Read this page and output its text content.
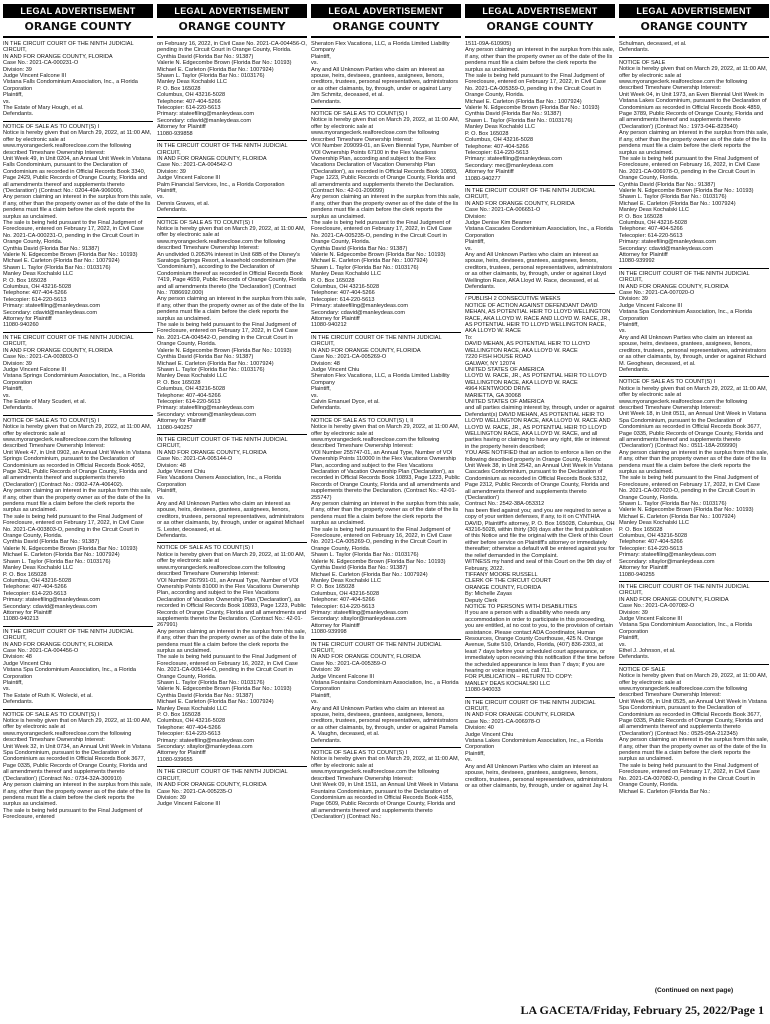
LEGAL ADVERTISEMENT
ORANGE COUNTY
IN THE CIRCUIT COURT OF THE NINTH JUDICIAL CIRCUIT,
IN AND FOR ORANGE COUNTY, FLORIDA
Case No.: 2021-CA-000231-O
Division: 39
Judge Vincent Falcone III
Vistana Falls Condominium Association, Inc., a Florida Corporation
Plaintiff,
vs.
The Estate of Mary Hough, et al.
Defendants.
NOTICE OF SALE AS TO COUNT(S) I
Notice is hereby given that on March 29, 2022, at 11:00 AM, offer by electronic sale at www.myorangeclerk.realforeclose.com the following described Timeshare Ownership Interest:
Unit Week 49, in Unit 0204, an Annual Unit Week in Vistana Falls Condominium, pursuant to the Declaration of Condominium as recorded in Official Records Book 3340, Page 2429, Public Records of Orange County, Florida and all amendments thereof and supplements thereto ('Declaration') (Contract No.: 0204-49A-906000).
Any person claiming an interest in the surplus from this sale, if any, other than the property owner as of the date of the lis pendens must file a claim before the clerk reports the surplus as unclaimed.
The sale is being held pursuant to the Final Judgment of Foreclosure, entered on February 17, 2022, in Civil Case No. 2021-CA-000231-O, pending in the Circuit Court in Orange County, Florida.
Cynthia David (Florida Bar No.: 91387)
Valerie N. Edgecombe Brown (Florida Bar No.: 10193)
Michael E. Carleton (Florida Bar No.: 1007924)
Shawn L. Taylor (Florida Bar No.: 0103176)
Manley Deas Kochalski LLC
P. O. Box 165028
Columbus, OH 43216-5028
Telephone: 407-404-5266
Telecopier: 614-220-5613
Primary: stateefiling@manleydeas.com
Secondary: cdavid@manleydeas.com
Attorney for Plaintiff
11080-940260
IN THE CIRCUIT COURT OF THE NINTH JUDICIAL CIRCUIT,
IN AND FOR ORANGE COUNTY, FLORIDA
Case No.: 2021-CA-003803-O
Division: 39
Judge Vincent Falcone III
Vistana Springs Condominium Association, Inc., a Florida Corporation
Plaintiff,
vs.
The Estate of Mary Scuderi, et al.
Defendants.
NOTICE OF SALE AS TO COUNT(S) I
Notice is hereby given that on March 29, 2022, at 11:00 AM, offer by electronic sale at www.myorangeclerk.realforeclose.com the following described Timeshare Ownership Interest:
Unit Week 47, in Unit 0902, an Annual Unit Week in Vistana Springs Condominium, pursuant to the Declaration of Condominium as recorded in Official Records Book 4052, Page 3241, Public Records of Orange County, Florida and all amendments thereof and supplements thereto ('Declaration') (Contract No.: 0902-47A-406402).
Any person claiming an interest in the surplus from this sale, if any, other than the property owner as of the date of the lis pendens must file a claim before the clerk reports the surplus as unclaimed.
The sale is being held pursuant to the Final Judgment of Foreclosure, entered on February 17, 2022, in Civil Case No. 2021-CA-003803-O, pending in the Circuit Court in Orange County, Florida.
Cynthia David (Florida Bar No.: 91387)
Valerie N. Edgecombe Brown (Florida Bar No.: 10193)
Michael E. Carleton (Florida Bar No.: 1007924)
Shawn L. Taylor (Florida Bar No.: 0103176)
Manley Deas Kochalski LLC
P. O. Box 165028
Columbus, OH 43216-5028
Telephone: 407-404-5266
Telecopier: 614-220-5613
Primary: stateefiling@manleydeas.com
Secondary: cdavid@manleydeas.com
Attorney for Plaintiff
11080-940213
IN THE CIRCUIT COURT OF THE NINTH JUDICIAL CIRCUIT,
IN AND FOR ORANGE COUNTY, FLORIDA
Case No.: 2021-CA-004456-O
Division: 48
Judge Vincent Chiu
Vistana Spa Condominium Association, Inc., a Florida Corporation
Plaintiff,
vs.
The Estate of Ruth K. Wolecki, et al.
Defendants.
NOTICE OF SALE AS TO COUNT(S) I
Notice is hereby given that on March 29, 2022, at 11:00 AM, offer by electronic sale at www.myorangeclerk.realforeclose.com the following described Timeshare Ownership Interest:
Unit Week 32, in Unit 0734, an Annual Unit Week in Vistana Spa Condominium, pursuant to the Declaration of Condominium as recorded in Official Records Book 3677, Page 0335, Public Records of Orange County, Florida and all amendments thereof and supplements thereto ('Declaration') (Contract No.: 0734-32A-300910)
Any person claiming an interest in the surplus from this sale, if any, other than the property owner as of the date of the lis pendens must file a claim before the clerk reports the surplus as unclaimed.
The sale is being held pursuant to the Final Judgment of Foreclosure, entered
LEGAL ADVERTISEMENT
ORANGE COUNTY
on February 16, 2022, in Civil Case No. 2021-CA-004456-O, pending in the Circuit Court in Orange County, Florida.
Cynthia David (Florida Bar No.: 91387)
Valerie N. Edgecombe Brown (Florida Bar No.: 10193)
Michael E. Carleton (Florida Bar No.: 1007924)
Shawn L. Taylor (Florida Bar No.: 0103176)
Manley Deas Kochalski LLC
P. O. Box 165028
Columbus, OH 43216-5028
Telephone: 407-404-5266
Telecopier: 614-220-5613
Primary: stateefiling@manleydeas.com
Secondary: cdavid@manleydeas.com
Attorney for Plaintiff
11080-939858
IN THE CIRCUIT COURT OF THE NINTH JUDICIAL CIRCUIT,
IN AND FOR ORANGE COUNTY, FLORIDA
Case No.: 2021-CA-004542-O
Division: 39
Judge Vincent Falcone III
Palm Financial Services, Inc., a Florida Corporation
Plaintiff,
vs.
Dennis Graves, et al.
Defendants.
NOTICE OF SALE AS TO COUNT(S) I
Notice is hereby given that on March 29, 2022, at 11:00 AM, offer by electronic sale at www.myorangeclerk.realforeclose.com the following described Timeshare Ownership Interest:
An undivided 0.2053% interest in Unit 68B of the Disney's Saratoga Springs Resort, a leasehold condominium (the 'Condominium'), according to the Declaration of Condominium thereof as recorded in Official Records Book 7419, Page 4659, Public Records of Orange County, Florida and all amendments thereto (the 'Declaration') (Contract No.: 7086692.000)
Any person claiming an interest in the surplus from this sale, if any, other than the property owner as of the date of the lis pendens must file a claim before the clerk reports the surplus as unclaimed.
The sale is being held pursuant to the Final Judgment of Foreclosure, entered on February 17, 2022, in Civil Case No. 2021-CA-004542-O, pending in the Circuit Court in Orange County, Florida.
Valerie N. Edgecombe Brown (Florida Bar No.: 10193)
Cynthia David (Florida Bar No.: 91387)
Michael E. Carleton (Florida Bar No.: 1007924)
Shawn L. Taylor (Florida Bar No.: 0103176)
Manley Deas Kochalski LLC
P. O. Box 165028
Columbus, OH 43216-5028
Telephone: 407-404-5266
Telecopier: 614-220-5613
Primary: stateefiling@manleydeas.com
Secondary: vnbrown@manleydeas.com
Attorney for Plaintiff
11080-940257
IN THE CIRCUIT COURT OF THE NINTH JUDICIAL CIRCUIT,
IN AND FOR ORANGE COUNTY, FLORIDA
Case No.: 2021-CA-005144-O
Division: 48
Judge Vincent Chiu
Flex Vacations Owners Association, Inc., a Florida Corporation
Plaintiff,
vs.
Any and All Unknown Parties who claim an interest as spouse, heirs, devisees, grantees, assignees, lienors, creditors, trustees, personal representatives, administrators or as other claimants, by, through, under or against Michael S. Lester, deceased, et al.
Defendants.
NOTICE OF SALE AS TO COUNT(S) I
Notice is hereby given that on March 29, 2022, at 11:00 AM, offer by electronic sale at www.myorangeclerk.realforeclose.com the following described Timeshare Ownership Interest:
VOI Number 267991-01, an Annual Type, Number of VOI Ownership Points 81000 in the Flex Vacations Ownership Plan, according and subject to the Flex Vacations Declaration of Vacation Ownership Plan ('Declaration'), as recorded in Official Records Book 10893, Page 1223, Public Records of Orange County, Florida and all amendments and supplements thereto the Declaration. (Contract No.: 42-01-267991)
Any person claiming an interest in the surplus from this sale, if any, other than the property owner as of the date of the lis pendens must file a claim before the clerk reports the surplus as unclaimed.
The sale is being held pursuant to the Final Judgment of Foreclosure, entered on February 16, 2022, in Civil Case No. 2021-CA-005144-O, pending in the Circuit Court in Orange County, Florida.
Shawn L. Taylor (Florida Bar No.: 0103176)
Valerie N. Edgecombe Brown (Florida Bar No.: 10193)
Cynthia David (Florida Bar No.: 91387)
Michael E. Carleton (Florida Bar No.: 1007924)
Manley Deas Kochalski LLC
P. O. Box 165028
Columbus, OH 43216-5028
Telephone: 407-404-5266
Telecopier: 614-220-5613
Primary: stateefiling@manleydeas.com
Secondary: sltaylor@manleydeas.com
Attorney for Plaintiff
11080-939655
IN THE CIRCUIT COURT OF THE NINTH JUDICIAL CIRCUIT,
IN AND FOR ORANGE COUNTY, FLORIDA
Case No.: 2021-CA-005235-O
Division: 39
Judge Vincent Falcone III
LEGAL ADVERTISEMENT
ORANGE COUNTY
Sheraton Flex Vacations, LLC, a Florida Limited Liability Company
Plaintiff,
vs.
Any and All Unknown Parties who claim an interest as spouse, heirs, devisees, grantees, assignees, lienors, creditors, trustees, personal representatives, administrators or as other claimants, by, through, under or against Larry Jim Schmitz, deceased, et al.
Defendants.
NOTICE OF SALE AS TO COUNT(S) I
Notice is hereby given that on March 29, 2022, at 11:00 AM, offer by electronic sale at www.myorangeclerk.realforeclose.com the following described Timeshare Ownership Interest:
VOI Number 209099-01, an Even Biennial Type, Number of VOI Ownership Points 67100 in the Flex Vacations Ownership Plan, according and subject to the Flex Vacations Declaration of Vacation Ownership Plan ('Declaration'), as recorded in Official Records Book 10893, Page 1223, Public Records of Orange County, Florida and all amendments and supplements thereto the Declaration. (Contract No.: 42-01-209099)
Any person claiming an interest in the surplus from this sale, if any, other than the property owner as of the date of the lis pendens must file a claim before the clerk reports the surplus as unclaimed.
The sale is being held pursuant to the Final Judgment of Foreclosure, entered on February 17, 2022, in Civil Case No. 2021-CA-005235-O, pending in the Circuit Court in Orange County, Florida.
Cynthia David (Florida Bar No.: 91387)
Valerie N. Edgecombe Brown (Florida Bar No.: 10193)
Michael E. Carleton (Florida Bar No.: 1007924)
Shawn L. Taylor (Florida Bar No.: 0103176)
Manley Deas Kochalski LLC
P. O. Box 165028
Columbus, OH 43216-5028
Telephone: 407-404-5266
Telecopier: 614-220-5613
Primary: stateefiling@manleydeas.com
Secondary: cdavid@manleydeas.com
Attorney for Plaintiff
11080-940212
IN THE CIRCUIT COURT OF THE NINTH JUDICIAL CIRCUIT,
IN AND FOR ORANGE COUNTY, FLORIDA
Case No.: 2021-CA-005269-O
Division: 48
Judge Vincent Chiu
Sheraton Flex Vacations, LLC, a Florida Limited Liability Company
Plaintiff,
vs.
Calvin Emanuel Dyce, et al.
Defendants.
NOTICE OF SALE AS TO COUNT(S) I, II
Notice is hereby given that on March 29, 2022, at 11:00 AM, offer by electronic sale at www.myorangeclerk.realforeclose.com the following described Timeshare Ownership Interest:
VOI Number 255747-01, an Annual Type, Number of VOI Ownership Points 110000 in the Flex Vacations Ownership Plan, according and subject to the Flex Vacations Declaration of Vacation Ownership Plan ('Declaration'), as recorded in Official Records Book 10893, Page 1223, Public Records of Orange County, Florida and all amendments and supplements thereto the Declaration. (Contract No.: 42-01-255747)
Any person claiming an interest in the surplus from this sale, if any, other than the property owner as of the date of the lis pendens must file a claim before the clerk reports the surplus as unclaimed.
The sale is being held pursuant to the Final Judgment of Foreclosure, entered on February 16, 2022, in Civil Case No. 2021-CA-005269-O, pending in the Circuit Court in Orange County, Florida.
Shawn L. Taylor (Florida Bar No.: 0103176)
Valerie N. Edgecombe Brown (Florida Bar No.: 10193)
Cynthia David (Florida Bar No.: 91387)
Michael E. Carleton (Florida Bar No.: 1007924)
Manley Deas Kochalski LLC
P. O. Box 165028
Columbus, OH 43216-5028
Telephone: 407-404-5266
Telecopier: 614-220-5613
Primary: stateefiling@manleydeas.com
Secondary: sltaylor@manleydeas.com
Attorney for Plaintiff
11080-939998
IN THE CIRCUIT COURT OF THE NINTH JUDICIAL CIRCUIT,
IN AND FOR ORANGE COUNTY, FLORIDA
Case No.: 2021-CA-005359-O
Division: 39
Judge Vincent Falcone III
Vistana Fountains Condominium Association, Inc., a Florida Corporation
Plaintiff,
vs.
Any and All Unknown Parties who claim an interest as spouse, heirs, devisees, grantees, assignees, lienors, creditors, trustees, personal representatives, administrators or as other claimants, by, through, under or against Pamela A. Vaughn, deceased, et al.
Defendants.
NOTICE OF SALE AS TO COUNT(S) I
Notice is hereby given that on March 29, 2022, at 11:00 AM, offer by electronic sale at www.myorangeclerk.realforeclose.com the following described Timeshare Ownership Interest:
Unit Week 09, in Unit 1511, an Annual Unit Week in Vistana Fountains Condominium, pursuant to the Declaration of Condominium as recorded in Official Records Book 4155, Page 0509, Public Records of Orange County, Florida and all amendments thereof and supplements thereto ('Declaration') (Contract No.:
LEGAL ADVERTISEMENT
ORANGE COUNTY
1511-09A-610905)
Any person claiming an interest in the surplus from this sale, if any, other than the property owner as of the date of the lis pendens must file a claim before the clerk reports the surplus as unclaimed.
The sale is being held pursuant to the Final Judgment of Foreclosure, entered on February 17, 2022, in Civil Case No. 2021-CA-005359-O, pending in the Circuit Court in Orange County, Florida.
Michael E. Carleton (Florida Bar No.: 1007924)
Valerie N. Edgecombe Brown (Florida Bar No.: 10193)
Cynthia David (Florida Bar No.: 91387)
Shawn L. Taylor (Florida Bar No.: 0103176)
Manley Deas Kochalski LLC
P. O. Box 165028
Columbus, OH 43216-5028
Telephone: 407-404-5266
Telecopier: 614-220-5613
Primary: stateefiling@manleydeas.com
Secondary: mec@manleydeas.com
Attorney for Plaintiff
11080-940277
IN THE CIRCUIT COURT OF THE NINTH JUDICIAL CIRCUIT,
IN AND FOR ORANGE COUNTY, FLORIDA
Case No.: 2021-CA-006651-O
Division:
Judge Denise Kim Beamer
Vistana Cascades Condominium Association, Inc., a Florida Corporation
Plaintiff,
vs.
Any and All Unknown Parties who claim an interest as spouse, heirs, devisees, grantees, assignees, lienors, creditors, trustees, personal representatives, administrators or as other claimants, by, through, under or against Lloyd Wellington Race, AKA Lloyd W. Race, deceased, et al.
Defendants.
/ PUBLISH 2 CONSECUTIVE WEEKS
NOTICE OF ACTION AGAINST DEFENDANT DAVID MEHAN, AS POTENTIAL HEIR TO LLOYD WELLINGTON RACE, AKA LLOYD W. RACE AND LLOYD W. RACE, JR., AS POTENTIAL HEIR TO LLOYD WELLINGTON RACE, AKA LLOYD W. RACE
To:
DAVID MEHAN, AS POTENTIAL HEIR TO LLOYD WELLINGTON RACE, AKA LLOYD W. RACE
7220 FISH HOUSE ROAD
GALWAY, NY 12074
UNITED STATES OF AMERICA
LLOYD W. RACE, JR., AS POTENTIAL HEIR TO LLOYD WELLINGTON RACE, AKA LLOYD W. RACE
4964 KENTWOOD DRIVE
MARIETTA, GA 30068
UNITED STATES OF AMERICA
and all parties claiming interest by, through, under or against Defendant(s) DAVID MEHAN, AS POTENTIAL HEIR TO LLOYD WELLINGTON RACE, AKA LLOYD W. RACE AND LLOYD W. RACE, JR., AS POTENTIAL HEIR TO LLOYD WELLINGTON RACE, AKA LLOYD W. RACE, and all parties having or claiming to have any right, title or interest in the property herein described;
YOU ARE NOTIFIED that an action to enforce a lien on the following described property in Orange County, Florida:
Unit Week 38, in Unit 2542, an Annual Unit Week in Vistana Cascades Condominium, pursuant to the Declaration of Condominium as recorded in Official Records Book 5312, Page 2312, Public Records of Orange County, Florida and all amendments thereof and supplements thereto ('Declaration')
Contract No.: 2542-38A-053312
has been filed against you; and you are required to serve a copy of your written defenses, if any, to it on CYNTHIA DAVID, Plaintiff's attorney, P. O. Box 165028, Columbus, OH 43216-5028, within thirty (30) days after the first publication of this Notice and file the original with the Clerk of this Court either before service on Plaintiff's attorney or immediately thereafter; otherwise a default will be entered against you for the relief demanded in the Complaint.
WITNESS my hand and seal of this Court on the 9th day of February, 2022.
TIFFANY MOORE RUSSELL
CLERK OF THE CIRCUIT COURT
ORANGE COUNTY, FLORIDA
By: Michelle Zayas
Deputy Clerk
NOTICE TO PERSONS WITH DISABILITIES
If you are a person with a disability who needs any accommodation in order to participate in this proceeding, you are entitled, at no cost to you, to the provision of certain assistance. Please contact ADA Coordinator, Human Resources, Orange County Courthouse, 425 N. Orange Avenue, Suite 510, Orlando, Florida, (407) 836-2303, at least 7 days before your scheduled court appearance, or immediately upon receiving this notification if the time before the scheduled appearance is less than 7 days; if you are hearing or voice impaired, call 711.
FOR PUBLICATION – RETURN TO COPY:
MANLEY DEAS KOCHALSKI LLC
11080-940033
IN THE CIRCUIT COURT OF THE NINTH JUDICIAL CIRCUIT,
IN AND FOR ORANGE COUNTY, FLORIDA
Case No.: 2021-CA-006978-O
Division: 40
Judge Vincent Chiu
Vistana Lakes Condominium Association, Inc., a Florida Corporation
Plaintiff,
vs.
Any and All Unknown Parties who claim an interest as spouse, heirs, devisees, grantees, assignees, lienors, creditors, trustees, personal representatives, administrators or as other claimants, by, through, under or against Jay H.
LEGAL ADVERTISEMENT
ORANGE COUNTY
Schulman, deceased, et al.
Defendants.
NOTICE OF SALE
Notice is hereby given that on March 29, 2022, at 11:00 AM, offer by electronic sale at www.myorangeclerk.realforeclose.com the following described Timeshare Ownership Interest:
Unit Week 04, in Unit 1973, an Even Biennial Unit Week in Vistana Lakes Condominium, pursuant to the Declaration of Condominium as recorded in Official Records Book 4859, Page 3789, Public Records of Orange County, Florida and all amendments thereof and supplements thereto ('Declaration') (Contract No.: 1973-04E-823540)
Any person claiming an interest in the surplus from this sale, if any, other than the property owner as of the date of the lis pendens must file a claim before the clerk reports the surplus as unclaimed.
The sale is being held pursuant to the Final Judgment of Foreclosure, entered on February 16, 2022, in Civil Case No. 2021-CA-006978-O, pending in the Circuit Court in Orange County, Florida.
Cynthia David (Florida Bar No.: 91387)
Valerie N. Edgecombe Brown (Florida Bar No.: 10193)
Shawn L. Taylor (Florida Bar No.: 0103176)
Michael E. Carleton (Florida Bar No.: 1007924)
Manley Deas Kochalski LLC
P. O. Box 165028
Columbus, OH 43216-5028
Telephone: 407-404-5266
Telecopier: 614-220-5613
Primary: stateefiling@manleydeas.com
Secondary: cdavid@manleydeas.com
Attorney for Plaintiff
11080-939992
IN THE CIRCUIT COURT OF THE NINTH JUDICIAL CIRCUIT,
IN AND FOR ORANGE COUNTY, FLORIDA
Case No.: 2021-CA-007020-O
Division: 39
Judge Vincent Falcone III
Vistana Spa Condominium Association, Inc., a Florida Corporation
Plaintiff,
vs.
Any and All Unknown Parties who claim an interest as spouse, heirs, devisees, grantees, assignees, lienors, creditors, trustees, personal representatives, administrators or as other claimants, by, through, under or against Richard M. Geoghean, deceased, et al.
Defendants.
NOTICE OF SALE AS TO COUNT(S) I
Notice is hereby given that on March 29, 2022, at 11:00 AM, offer by electronic sale at www.myorangeclerk.realforeclose.com the following described Timeshare Ownership Interest:
Unit Week 18, in Unit 0511, an Annual Unit Week in Vistana Spa Condominium, pursuant to the Declaration of Condominium as recorded in Official Records Book 3677, Page 0335, Public Records of Orange County, Florida and all amendments thereof and supplements thereto ('Declaration') (Contract No.: 0511-18A-209990)
Any person claiming an interest in the surplus from this sale, if any, other than the property owner as of the date of the lis pendens must file a claim before the clerk reports the surplus as unclaimed.
The sale is being held pursuant to the Final Judgment of Foreclosure, entered on February 17, 2022, in Civil Case No. 2021-CA-007020-O, pending in the Circuit Court in Orange County, Florida.
Shawn L. Taylor (Florida Bar No.: 0103176)
Valerie N. Edgecombe Brown (Florida Bar No.: 10193)
Michael E. Carleton (Florida Bar No.: 1007924)
Manley Deas Kochalski LLC
P. O. Box 165028
Columbus, OH 43216-5028
Telephone: 407-404-5266
Telecopier: 614-220-5613
Primary: stateefiling@manleydeas.com
Secondary: sltaylor@manleydeas.com
Attorney for Plaintiff
11080-940255
IN THE CIRCUIT COURT OF THE NINTH JUDICIAL CIRCUIT,
IN AND FOR ORANGE COUNTY, FLORIDA
Case No.: 2021-CA-007082-O
Division: 39
Judge Vincent Falcone III
Vistana Spa Condominium Association, Inc., a Florida Corporation
Plaintiff,
vs.
Ethel J. Johnson, et al.
Defendants.
NOTICE OF SALE
Notice is hereby given that on March 29, 2022, at 11:00 AM, offer by electronic sale at www.myorangeclerk.realforeclose.com the following described Timeshare Ownership Interest:
Unit Week 05, in Unit 0525, an Annual Unit Week in Vistana Spa Condominium, pursuant to the Declaration of Condominium as recorded in Official Records Book 3677, Page 0335, Public Records of Orange County, Florida and all amendments thereof and supplements thereto ('Declaration') (Contract No.: 0525-05A-212345)
Any person claiming an interest in the surplus from this sale, if any, other than the property owner as of the date of the lis pendens must file a claim before the clerk reports the surplus as unclaimed.
The sale is being held pursuant to the Final Judgment of Foreclosure, entered on February 17, 2022, in Civil Case No. 2021-CA-007082-O, pending in the Circuit Court in Orange County, Florida.
Michael E. Carleton (Florida Bar No.:
(Continued on next page)
LA GACETA/Friday, February 25, 2022/Page 1
